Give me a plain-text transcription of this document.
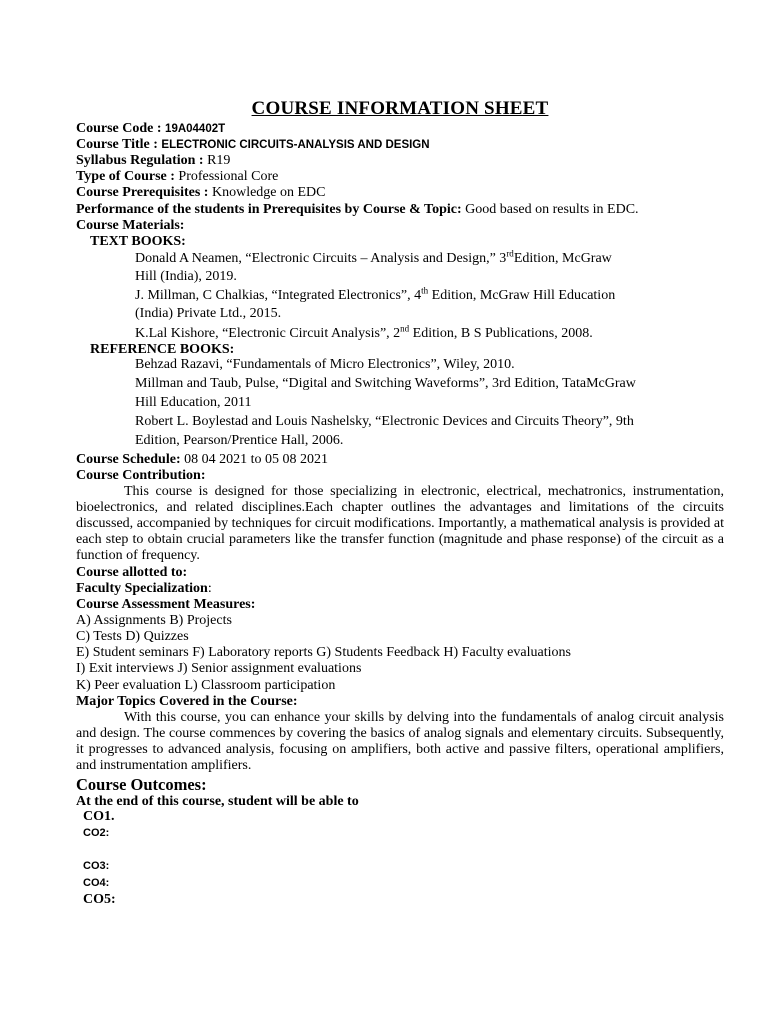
COURSE INFORMATION SHEET
Course Code : 19A04402T
Course Title : ELECTRONIC CIRCUITS-ANALYSIS AND DESIGN
Syllabus Regulation : R19
Type of Course : Professional Core
Course Prerequisites : Knowledge on EDC
Performance of the students in Prerequisites by Course & Topic: Good based on results in EDC.
Course Materials:
TEXT BOOKS:
Donald A Neamen, “Electronic Circuits – Analysis and Design,” 3rdEdition, McGraw
Hill (India), 2019.
J. Millman, C Chalkias, “Integrated Electronics”, 4th Edition, McGraw Hill Education
(India) Private Ltd., 2015.
K.Lal Kishore, “Electronic Circuit Analysis”, 2nd Edition, B S Publications, 2008.
REFERENCE BOOKS:
Behzad Razavi, “Fundamentals of Micro Electronics”, Wiley, 2010.
Millman and Taub, Pulse, “Digital and Switching Waveforms”, 3rd Edition, TataMcGraw
Hill Education, 2011
Robert L. Boylestad and Louis Nashelsky, “Electronic Devices and Circuits Theory”, 9th
Edition, Pearson/Prentice Hall, 2006.
Course Schedule: 08 04 2021 to 05 08 2021
Course Contribution:
This course is designed for those specializing in electronic, electrical, mechatronics, instrumentation, bioelectronics, and related disciplines.Each chapter outlines the advantages and limitations of the circuits discussed, accompanied by techniques for circuit modifications. Importantly, a mathematical analysis is provided at each step to obtain crucial parameters like the transfer function (magnitude and phase response) of the circuit as a function of frequency.
Course allotted to:
Faculty Specialization:
Course Assessment Measures:
A) Assignments B) Projects
C) Tests D) Quizzes
E) Student seminars F) Laboratory reports G) Students Feedback H) Faculty evaluations
I) Exit interviews J) Senior assignment evaluations
K) Peer evaluation L) Classroom participation
Major Topics Covered in the Course:
With this course, you can enhance your skills by delving into the fundamentals of analog circuit analysis and design. The course commences by covering the basics of analog signals and elementary circuits. Subsequently, it progresses to advanced analysis, focusing on amplifiers, both active and passive filters, operational amplifiers, and instrumentation amplifiers.
Course Outcomes:
At the end of this course, student will be able to
CO1.
CO2:
CO3:
CO4:
CO5:
